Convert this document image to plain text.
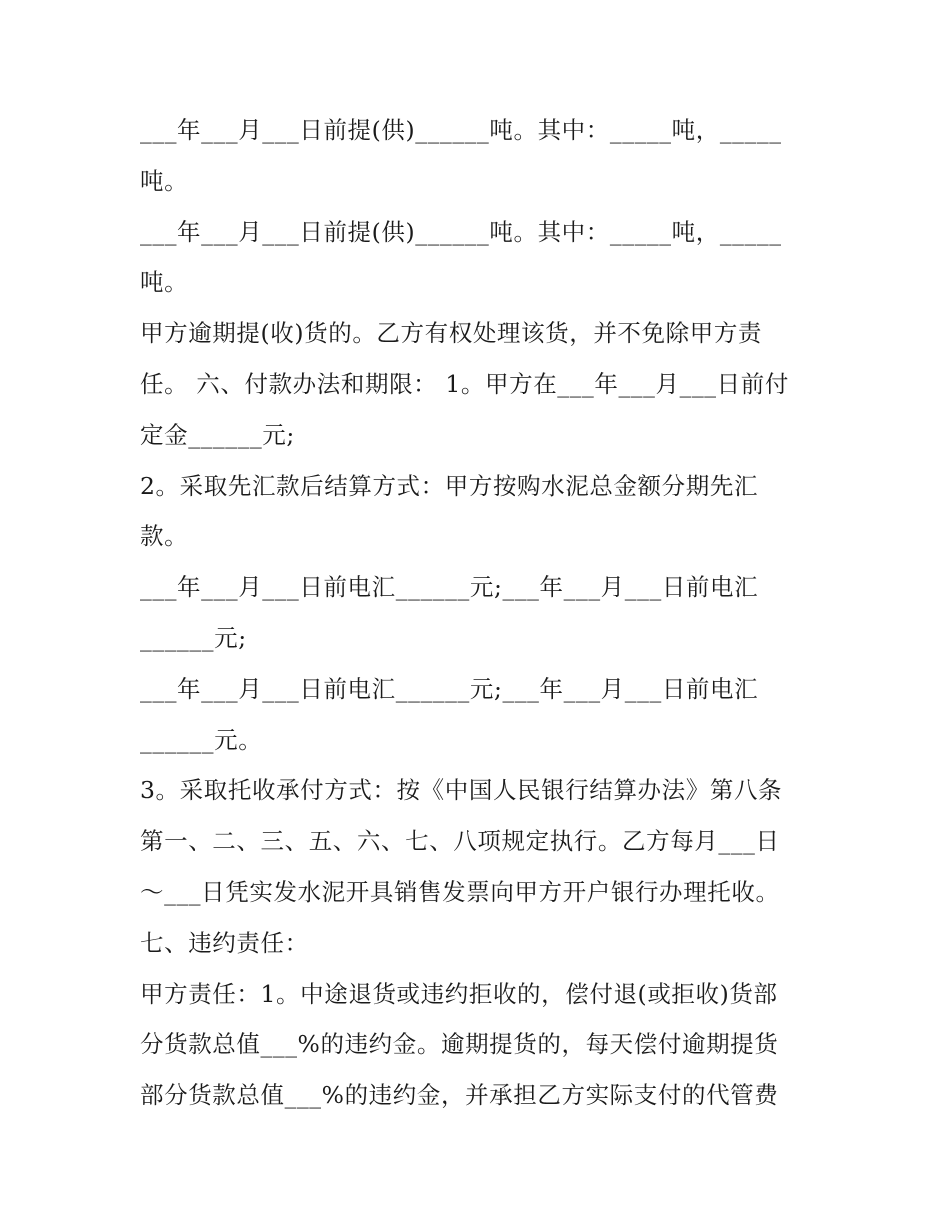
___年___月___日前提(供)______吨。其中：_____吨，_____
吨。
___年___月___日前提(供)______吨。其中：_____吨，_____
吨。
甲方逾期提(收)货的。乙方有权处理该货，并不免除甲方责
任。 六、付款办法和期限： 1。甲方在___年___月___日前付
定金______元;
2。采取先汇款后结算方式：甲方按购水泥总金额分期先汇
款。
___年___月___日前电汇______元;___年___月___日前电汇
______元;
___年___月___日前电汇______元;___年___月___日前电汇
______元。
3。采取托收承付方式：按《中国人民银行结算办法》第八条
第一、二、三、五、六、七、八项规定执行。乙方每月___日
～___日凭实发水泥开具销售发票向甲方开户银行办理托收。
七、违约责任：
甲方责任：1。中途退货或违约拒收的，偿付退(或拒收)货部
分货款总值___%的违约金。逾期提货的，每天偿付逾期提货
部分货款总值___%的违约金，并承担乙方实际支付的代管费
